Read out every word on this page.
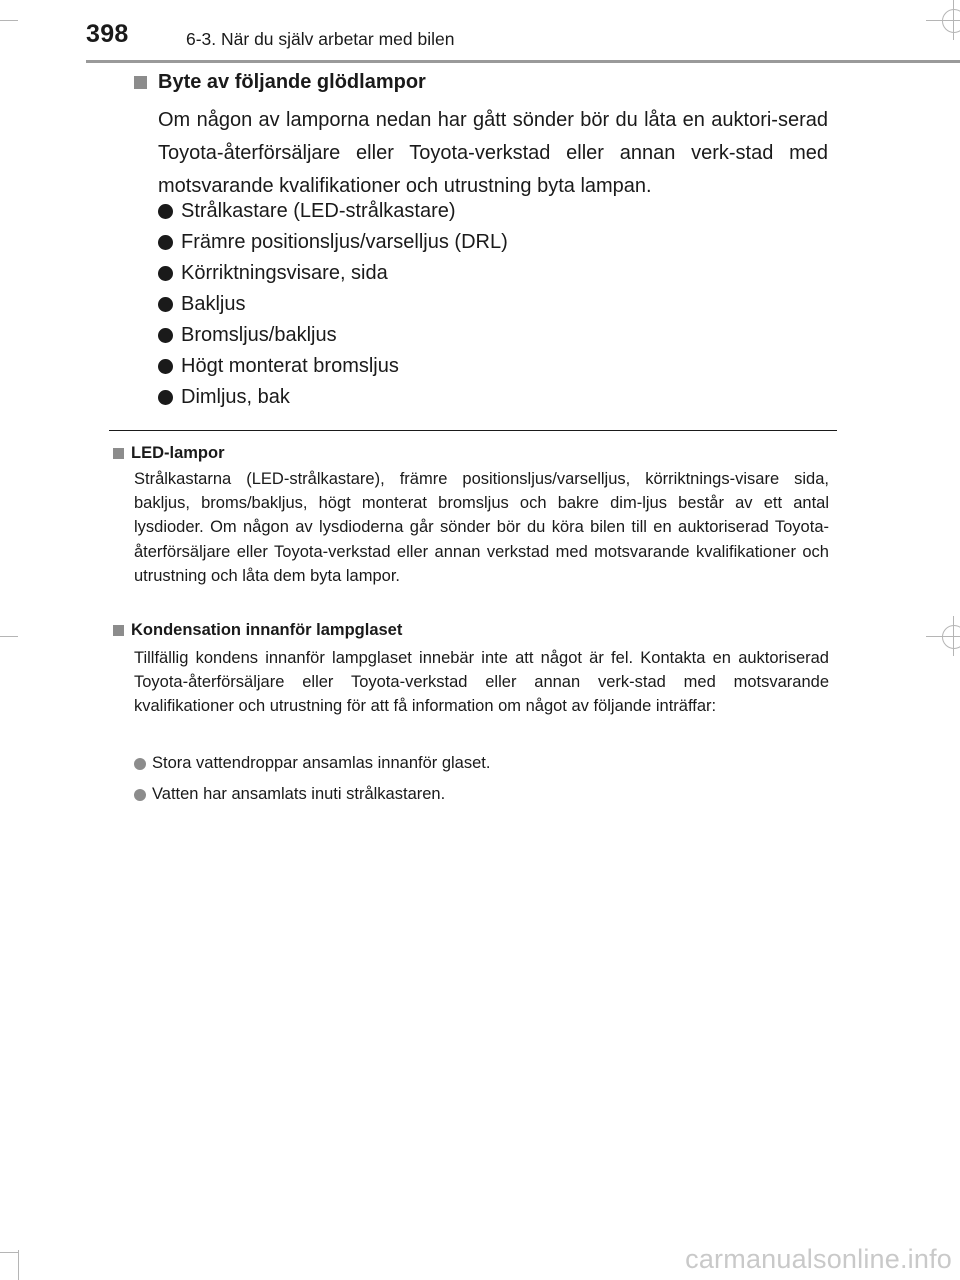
398	6-3. När du själv arbetar med bilen
Byte av följande glödlampor

Om någon av lamporna nedan har gått sönder bör du låta en auktori-serad Toyota-återförsäljare eller Toyota-verkstad eller annan verk-stad med motsvarande kvalifikationer och utrustning byta lampan.

Strålkastare (LED-strålkastare)
Främre positionsljus/varselljus (DRL)
Körriktningsvisare, sida
Bakljus
Bromsljus/bakljus
Högt monterat bromsljus
Dimljus, bak
LED-lampor

Strålkastarna (LED-strålkastare), främre positionsljus/varselljus, körriktnings-visare sida, bakljus, broms/bakljus, högt monterat bromsljus och bakre dim-ljus består av ett antal lysdioder. Om någon av lysdioderna går sönder bör du köra bilen till en auktoriserad Toyota-återförsäljare eller Toyota-verkstad eller annan verkstad med motsvarande kvalifikationer och utrustning och låta dem byta lampor.

Kondensation innanför lampglaset

Tillfällig kondens innanför lampglaset innebär inte att något är fel. Kontakta en auktoriserad Toyota-återförsäljare eller Toyota-verkstad eller annan verk-stad med motsvarande kvalifikationer och utrustning för att få information om något av följande inträffar:

Stora vattendroppar ansamlas innanför glaset.
Vatten har ansamlats inuti strålkastaren.
carmanualsonline.info
